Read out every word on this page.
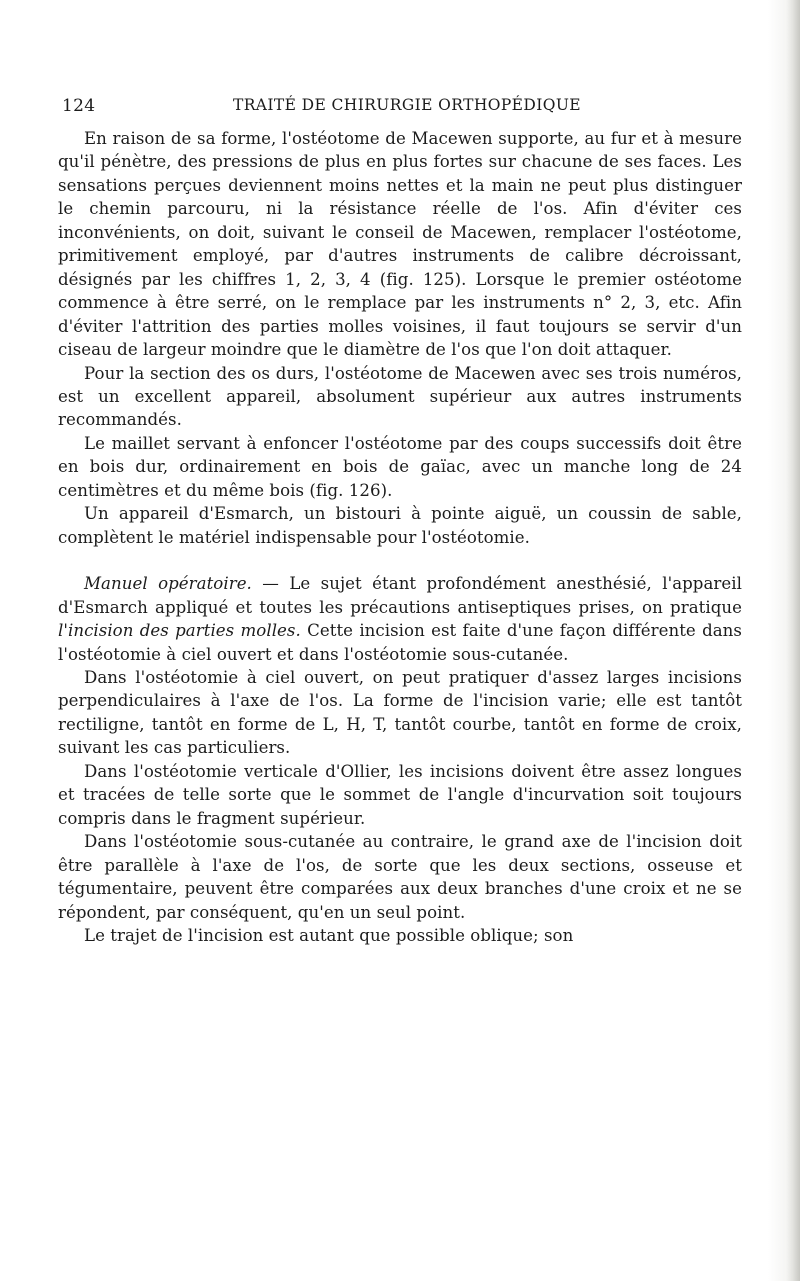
124	TRAITÉ DE CHIRURGIE ORTHOPÉDIQUE

En raison de sa forme, l'ostéotome de Macewen supporte, au fur et à mesure qu'il pénètre, des pressions de plus en plus fortes sur chacune de ses faces. Les sensations perçues deviennent moins nettes et la main ne peut plus distinguer le chemin parcouru, ni la résistance réelle de l'os. Afin d'éviter ces inconvénients, on doit, suivant le conseil de Macewen, remplacer l'ostéotome, primitivement employé, par d'autres instruments de calibre décroissant, désignés par les chiffres 1, 2, 3, 4 (fig. 125). Lorsque le premier ostéotome commence à être serré, on le remplace par les instruments n° 2, 3, etc. Afin d'éviter l'attrition des parties molles voisines, il faut toujours se servir d'un ciseau de largeur moindre que le diamètre de l'os que l'on doit attaquer.

Pour la section des os durs, l'ostéotome de Macewen avec ses trois numéros, est un excellent appareil, absolument supérieur aux autres instruments recommandés.

Le maillet servant à enfoncer l'ostéotome par des coups successifs doit être en bois dur, ordinairement en bois de gaïac, avec un manche long de 24 centimètres et du même bois (fig. 126).

Un appareil d'Esmarch, un bistouri à pointe aiguë, un coussin de sable, complètent le matériel indispensable pour l'ostéotomie.

Manuel opératoire. — Le sujet étant profondément anesthésié, l'appareil d'Esmarch appliqué et toutes les précautions antiseptiques prises, on pratique l'incision des parties molles. Cette incision est faite d'une façon différente dans l'ostéotomie à ciel ouvert et dans l'ostéotomie sous-cutanée.

Dans l'ostéotomie à ciel ouvert, on peut pratiquer d'assez larges incisions perpendiculaires à l'axe de l'os. La forme de l'incision varie; elle est tantôt rectiligne, tantôt en forme de L, H, T, tantôt courbe, tantôt en forme de croix, suivant les cas particuliers.

Dans l'ostéotomie verticale d'Ollier, les incisions doivent être assez longues et tracées de telle sorte que le sommet de l'angle d'incurvation soit toujours compris dans le fragment supérieur.

Dans l'ostéotomie sous-cutanée au contraire, le grand axe de l'incision doit être parallèle à l'axe de l'os, de sorte que les deux sections, osseuse et tégumentaire, peuvent être comparées aux deux branches d'une croix et ne se répondent, par conséquent, qu'en un seul point.

Le trajet de l'incision est autant que possible oblique; son
